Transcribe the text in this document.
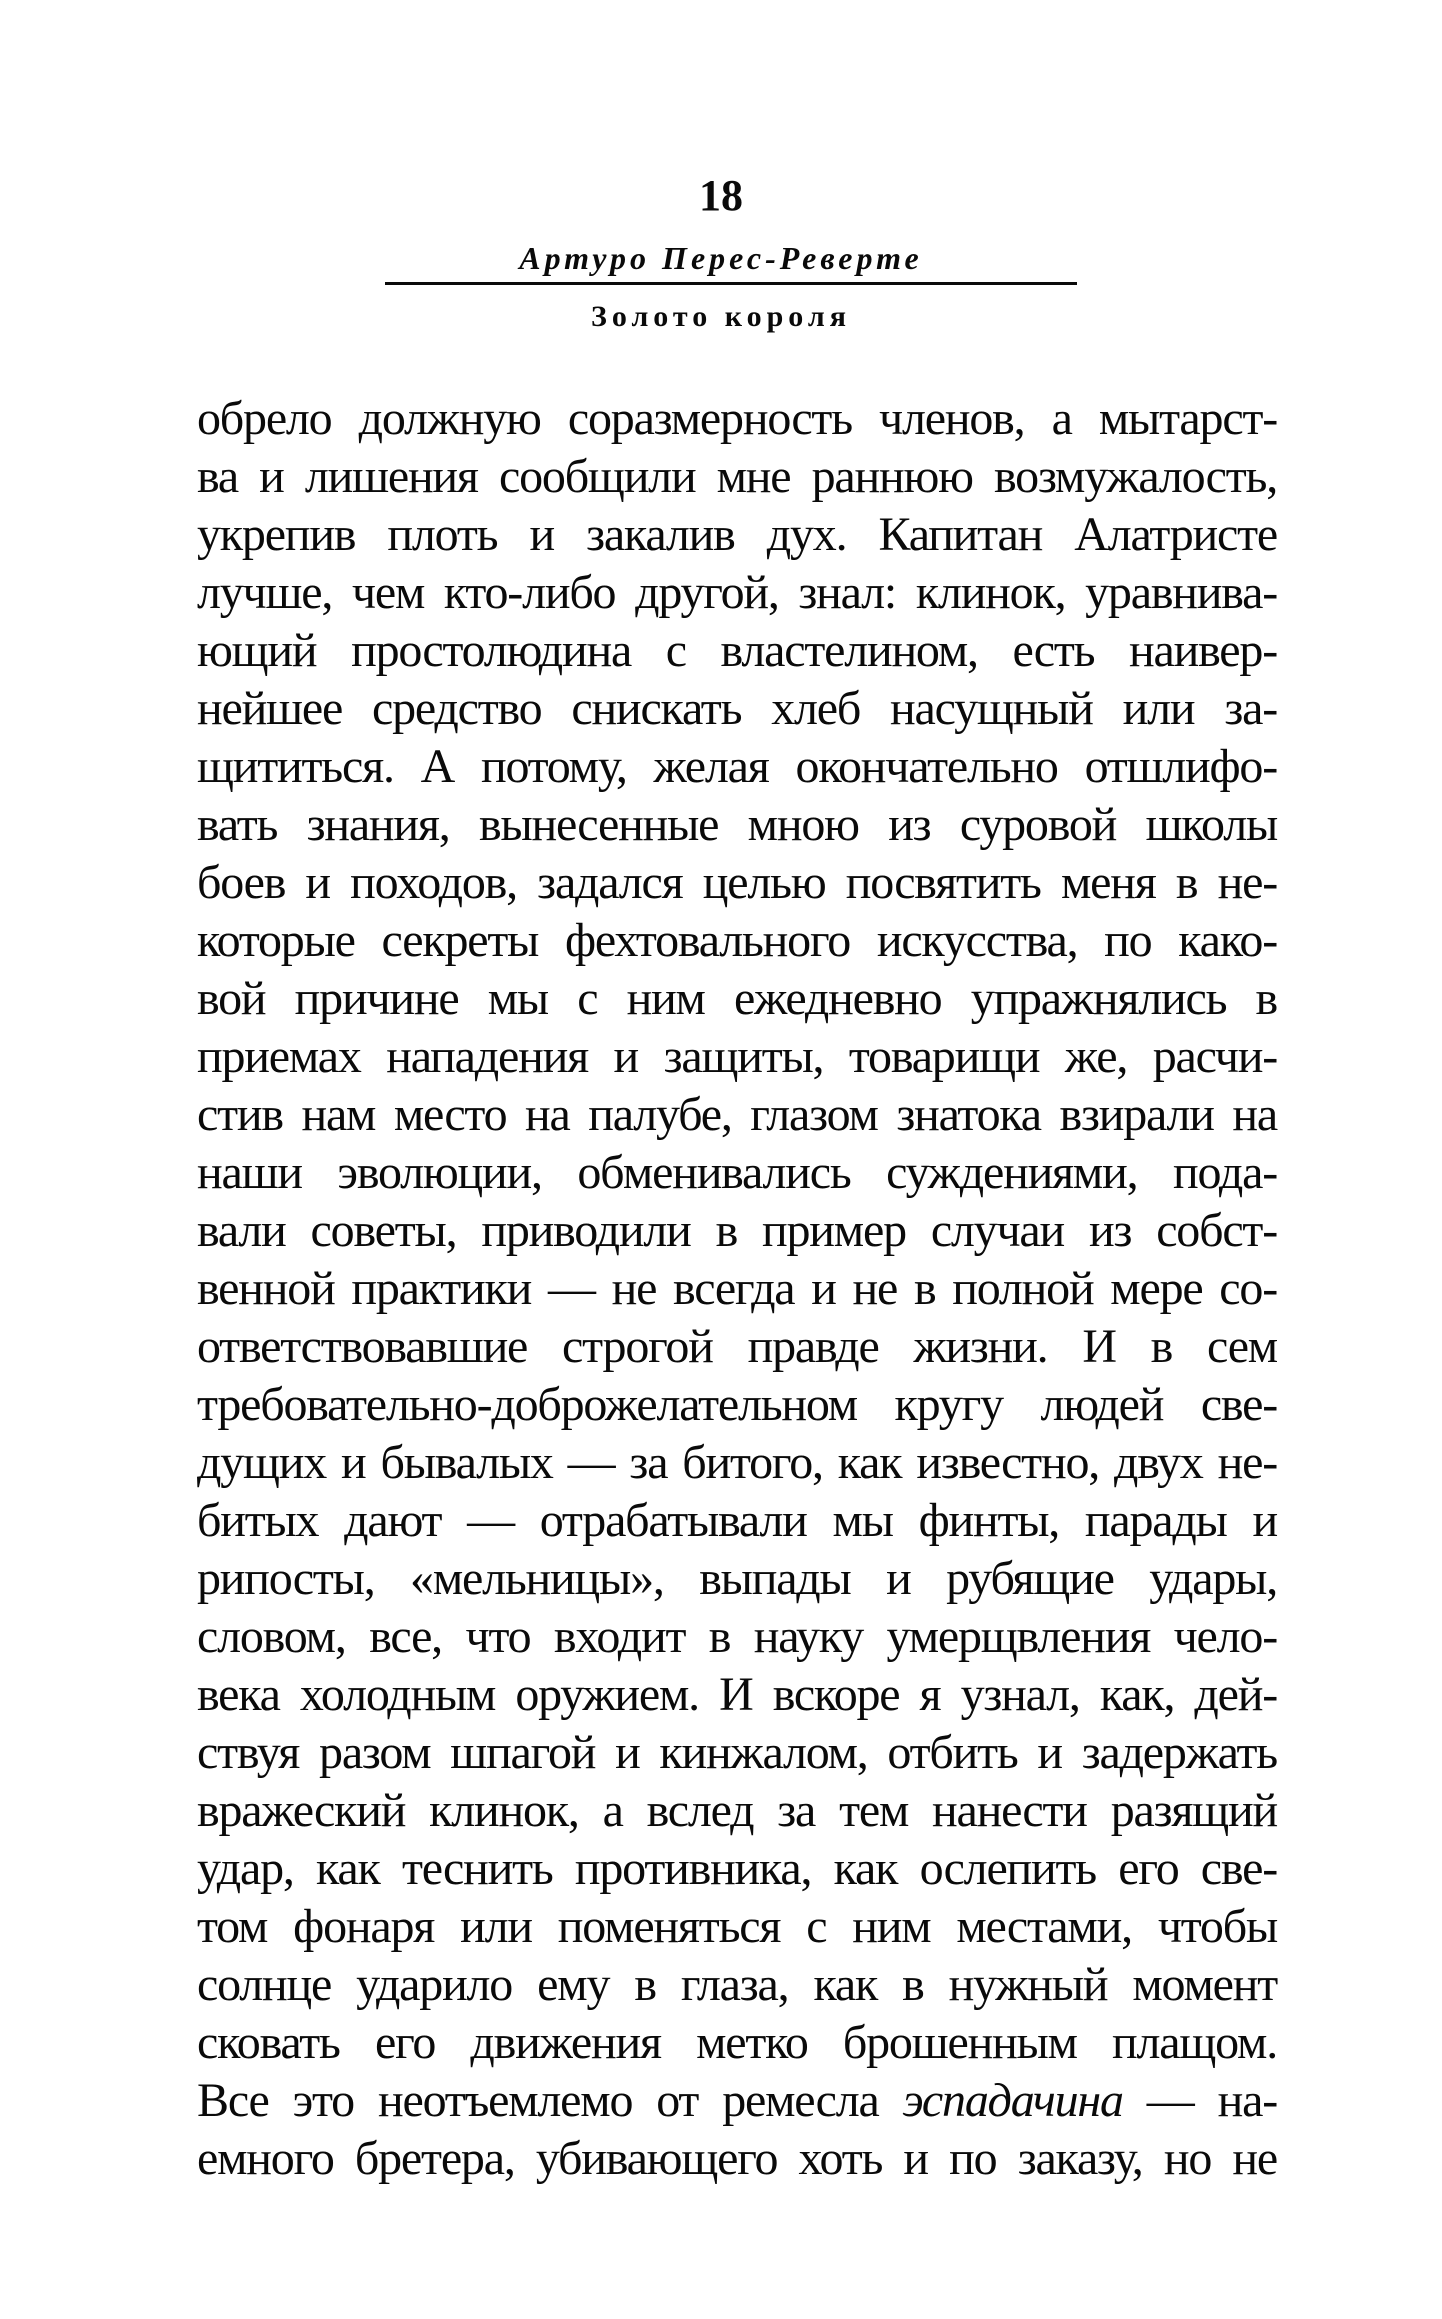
18
Артуро Перес-Реверте
Золото короля
обрело должную соразмерность членов, а мытарст-
ва и лишения сообщили мне раннюю возмужалость,
укрепив плоть и закалив дух. Капитан Алатристе
лучше, чем кто-либо другой, знал: клинок, уравнива-
ющий простолюдина с властелином, есть наивер-
нейшее средство снискать хлеб насущный или за-
щититься. А потому, желая окончательно отшлифо-
вать знания, вынесенные мною из суровой школы
боев и походов, задался целью посвятить меня в не-
которые секреты фехтовального искусства, по како-
вой причине мы с ним ежедневно упражнялись в
приемах нападения и защиты, товарищи же, расчи-
стив нам место на палубе, глазом знатока взирали на
наши эволюции, обменивались суждениями, пода-
вали советы, приводили в пример случаи из собст-
венной практики — не всегда и не в полной мере со-
ответствовавшие строгой правде жизни. И в сем
требовательно-доброжелательном кругу людей све-
дущих и бывалых — за битого, как известно, двух не-
битых дают — отрабатывали мы финты, парады и
рипосты, «мельницы», выпады и рубящие удары,
словом, все, что входит в науку умерщвления чело-
века холодным оружием. И вскоре я узнал, как, дей-
ствуя разом шпагой и кинжалом, отбить и задержать
вражеский клинок, а вслед за тем нанести разящий
удар, как теснить противника, как ослепить его све-
том фонаря или поменяться с ним местами, чтобы
солнце ударило ему в глаза, как в нужный момент
сковать его движения метко брошенным плащом.
Все это неотъемлемо от ремесла эспадачина — на-
емного бретера, убивающего хоть и по заказу, но не
